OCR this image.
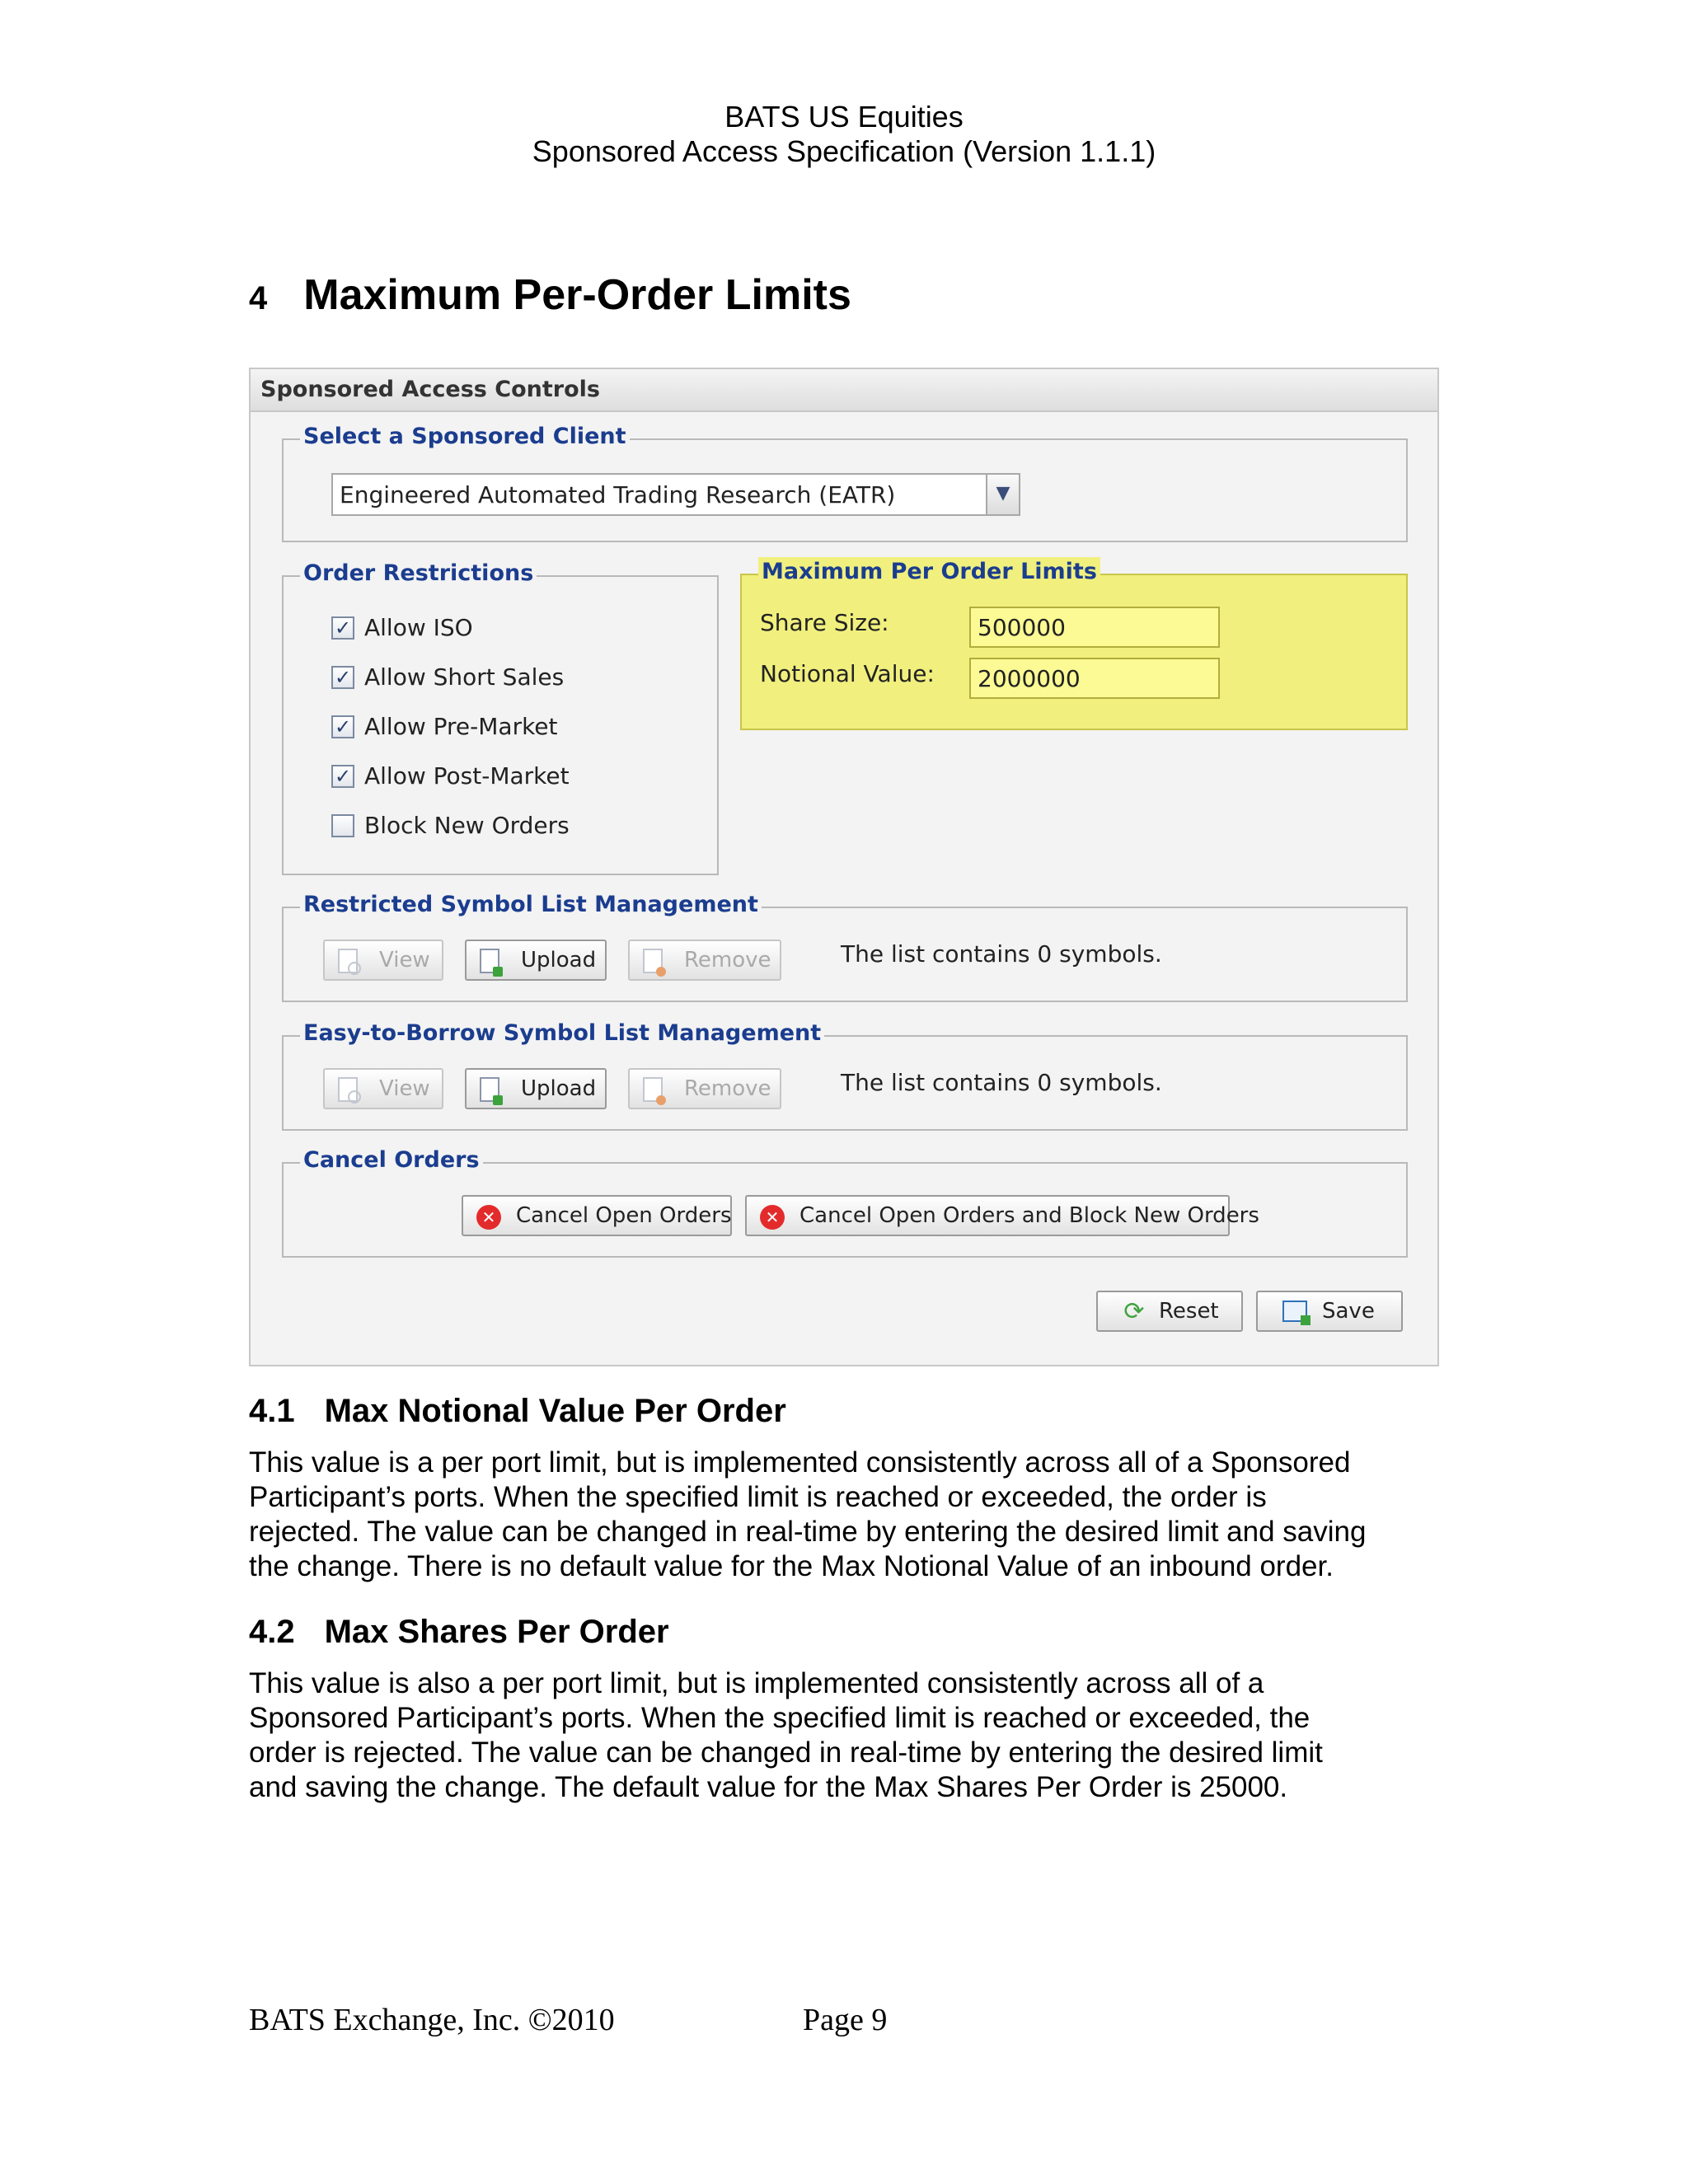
BATS US Equities
Sponsored Access Specification (Version 1.1.1)
4 Maximum Per-Order Limits
Sponsored Access Controls
Select a Sponsored Client
Engineered Automated Trading Research (EATR)	▼
Order Restrictions
✓ Allow ISO
✓ Allow Short Sales
✓ Allow Pre-Market
✓ Allow Post-Market
Block New Orders
Maximum Per Order Limits
Share Size:	500000
Notional Value:	2000000
Restricted Symbol List Management
View	Upload	Remove	The list contains 0 symbols.
Easy-to-Borrow Symbol List Management
View	Upload	Remove	The list contains 0 symbols.
Cancel Orders
✕ Cancel Open Orders	✕ Cancel Open Orders and Block New Orders
⟳ Reset	Save
4.1 Max Notional Value Per Order
This value is a per port limit, but is implemented consistently across all of a Sponsored
Participant’s ports. When the specified limit is reached or exceeded, the order is
rejected. The value can be changed in real-time by entering the desired limit and saving
the change. There is no default value for the Max Notional Value of an inbound order.
4.2 Max Shares Per Order
This value is also a per port limit, but is implemented consistently across all of a
Sponsored Participant’s ports. When the specified limit is reached or exceeded, the
order is rejected. The value can be changed in real-time by entering the desired limit
and saving the change. The default value for the Max Shares Per Order is 25000.
BATS Exchange, Inc. ©2010	Page 9
